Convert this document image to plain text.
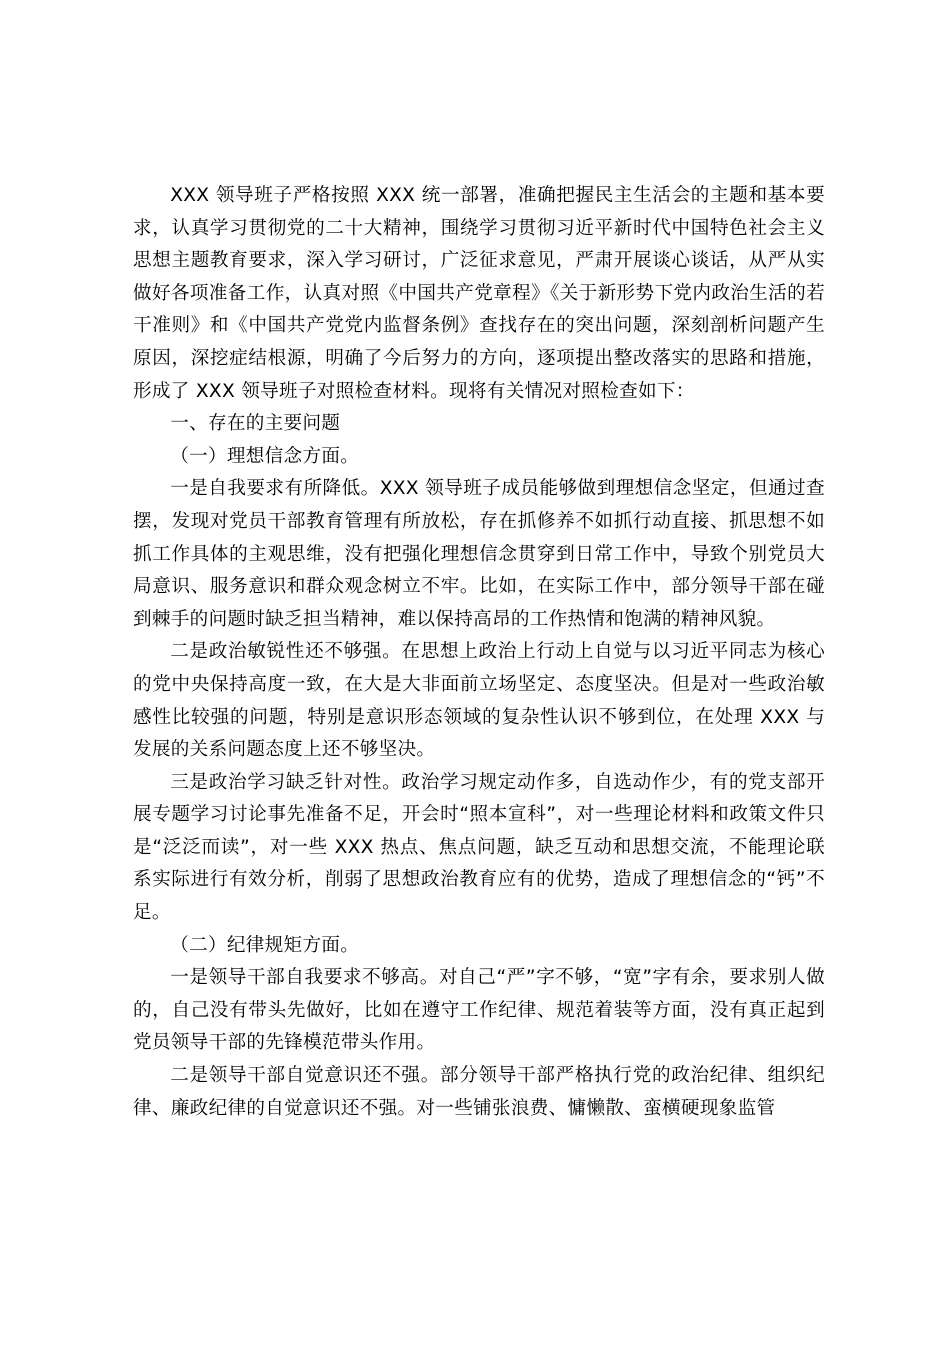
XXX 领导班子严格按照 XXX 统一部署，准确把握民主生活会的主题和基本要求，认真学习贯彻党的二十大精神，围绕学习贯彻习近平新时代中国特色社会主义思想主题教育要求，深入学习研讨，广泛征求意见，严肃开展谈心谈话，从严从实做好各项准备工作，认真对照《中国共产党章程》《关于新形势下党内政治生活的若干准则》和《中国共产党党内监督条例》查找存在的突出问题，深刻剖析问题产生原因，深挖症结根源，明确了今后努力的方向，逐项提出整改落实的思路和措施，形成了 XXX 领导班子对照检查材料。现将有关情况对照检查如下：

一、存在的主要问题

（一）理想信念方面。

一是自我要求有所降低。XXX 领导班子成员能够做到理想信念坚定，但通过查摆，发现对党员干部教育管理有所放松，存在抓修养不如抓行动直接、抓思想不如抓工作具体的主观思维，没有把强化理想信念贯穿到日常工作中，导致个别党员大局意识、服务意识和群众观念树立不牢。比如，在实际工作中，部分领导干部在碰到棘手的问题时缺乏担当精神，难以保持高昂的工作热情和饱满的精神风貌。

二是政治敏锐性还不够强。在思想上政治上行动上自觉与以习近平同志为核心的党中央保持高度一致，在大是大非面前立场坚定、态度坚决。但是对一些政治敏感性比较强的问题，特别是意识形态领域的复杂性认识不够到位，在处理 XXX 与发展的关系问题态度上还不够坚决。

三是政治学习缺乏针对性。政治学习规定动作多，自选动作少，有的党支部开展专题学习讨论事先准备不足，开会时“照本宣科”，对一些理论材料和政策文件只是“泛泛而读”，对一些 XXX 热点、焦点问题，缺乏互动和思想交流，不能理论联系实际进行有效分析，削弱了思想政治教育应有的优势，造成了理想信念的“钙”不足。

（二）纪律规矩方面。

一是领导干部自我要求不够高。对自己“严”字不够，“宽”字有余，要求别人做的，自己没有带头先做好，比如在遵守工作纪律、规范着装等方面，没有真正起到党员领导干部的先锋模范带头作用。

二是领导干部自觉意识还不强。部分领导干部严格执行党的政治纪律、组织纪律、廉政纪律的自觉意识还不强。对一些铺张浪费、慵懒散、蛮横硬现象监管
